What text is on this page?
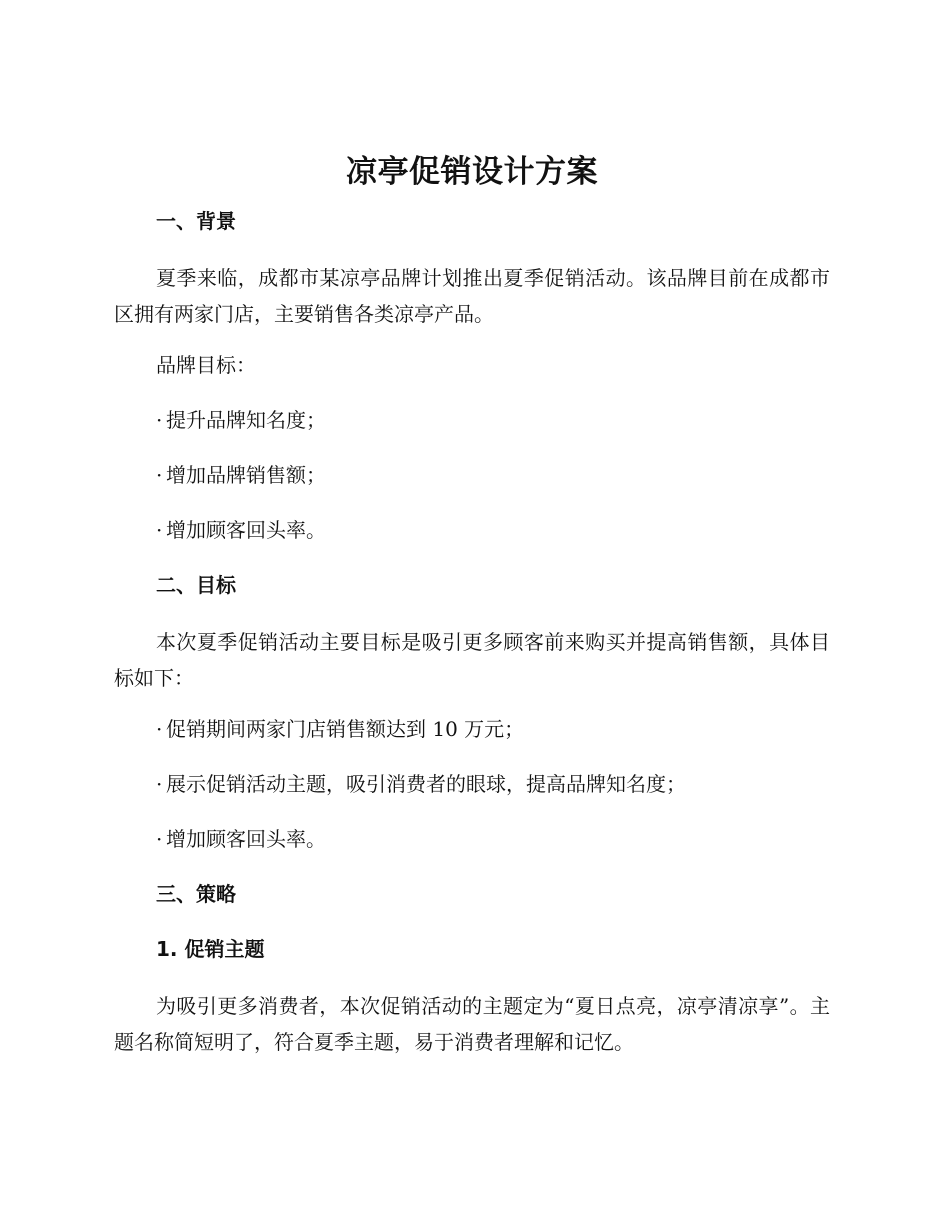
凉亭促销设计方案
一、背景

夏季来临，成都市某凉亭品牌计划推出夏季促销活动。该品牌目前在成都市区拥有两家门店，主要销售各类凉亭产品。

品牌目标：

· 提升品牌知名度；

· 增加品牌销售额；

· 增加顾客回头率。

二、目标

本次夏季促销活动主要目标是吸引更多顾客前来购买并提高销售额，具体目标如下：

· 促销期间两家门店销售额达到 10 万元；

· 展示促销活动主题，吸引消费者的眼球，提高品牌知名度；

· 增加顾客回头率。

三、策略
1. 促销主题

为吸引更多消费者，本次促销活动的主题定为“夏日点亮，凉亭清凉享”。主题名称简短明了，符合夏季主题，易于消费者理解和记忆。
